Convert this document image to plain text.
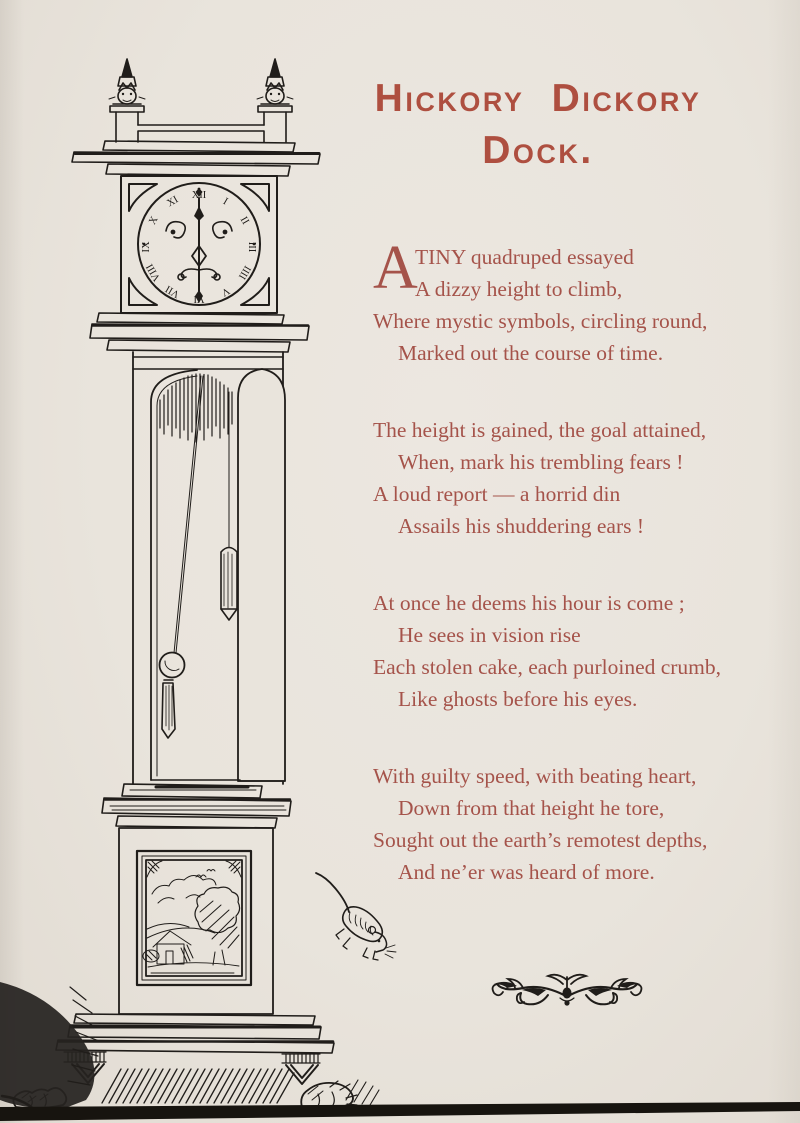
XII
I
II
III
IIII
V
VI
VII
VIII
IX
X
XI
Hickory Dickory
Dock.
A
TINY quadruped essayed
A dizzy height to climb,
Where mystic symbols, circling round,
Marked out the course of time.
The height is gained, the goal attained,
When, mark his trembling fears !
A loud report — a horrid din
Assails his shuddering ears !
At once he deems his hour is come ;
He sees in vision rise
Each stolen cake, each purloined crumb,
Like ghosts before his eyes.
With guilty speed, with beating heart,
Down from that height he tore,
Sought out the earth’s remotest depths,
And ne’er was heard of more.
